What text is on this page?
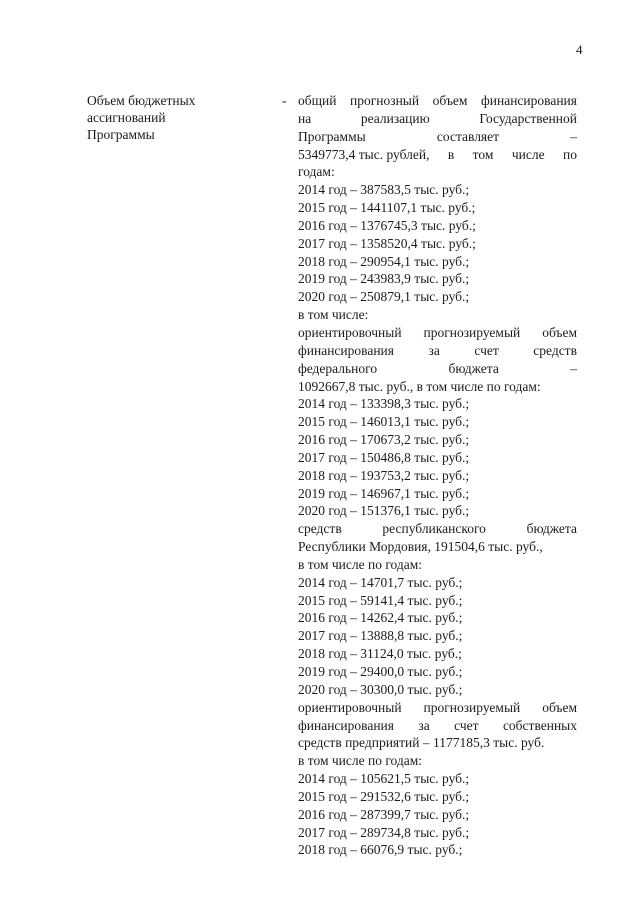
4
Объем бюджетных
ассигнований
Программы
- общий прогнозный объем финансирования
на	реализацию	Государственной
Программы	составляет	–
5349773,4 тыс. рублей, в том числе по
годам:
2014 год – 387583,5 тыс. руб.;
2015 год – 1441107,1 тыс. руб.;
2016 год – 1376745,3 тыс. руб.;
2017 год – 1358520,4 тыс. руб.;
2018 год – 290954,1 тыс. руб.;
2019 год – 243983,9 тыс. руб.;
2020 год – 250879,1 тыс. руб.;
в том числе:
ориентировочный прогнозируемый объем
финансирования	за	счет	средств
федерального	бюджета	–
1092667,8 тыс. руб., в том числе по годам:
2014 год – 133398,3 тыс. руб.;
2015 год – 146013,1 тыс. руб.;
2016 год – 170673,2 тыс. руб.;
2017 год – 150486,8 тыс. руб.;
2018 год – 193753,2 тыс. руб.;
2019 год – 146967,1 тыс. руб.;
2020 год – 151376,1 тыс. руб.;
средств	республиканского	бюджета
Республики Мордовия, 191504,6 тыс. руб.,
в том числе по годам:
2014 год – 14701,7 тыс. руб.;
2015 год – 59141,4 тыс. руб.;
2016 год – 14262,4 тыс. руб.;
2017 год – 13888,8 тыс. руб.;
2018 год – 31124,0 тыс. руб.;
2019 год – 29400,0 тыс. руб.;
2020 год – 30300,0 тыс. руб.;
ориентировочный прогнозируемый объем
финансирования за счет собственных
средств предприятий – 1177185,3 тыс. руб.
в том числе по годам:
2014 год – 105621,5 тыс. руб.;
2015 год – 291532,6 тыс. руб.;
2016 год – 287399,7 тыс. руб.;
2017 год – 289734,8 тыс. руб.;
2018 год – 66076,9 тыс. руб.;
